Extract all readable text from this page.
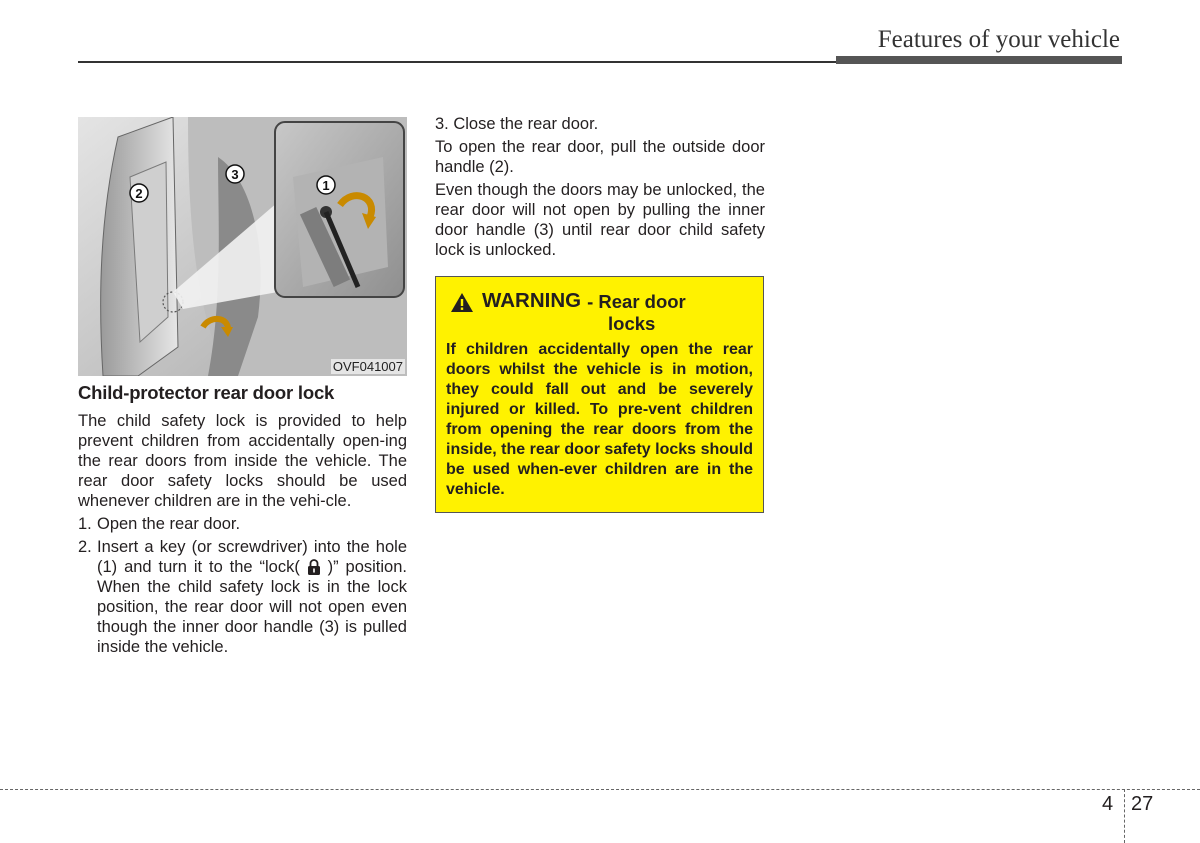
Features of your vehicle
1
2
3
OVF041007
Child-protector rear door lock

The child safety lock is provided to help prevent children from accidentally open-ing the rear doors from inside the vehicle. The rear door safety locks should be used whenever children are in the vehi-cle.

1. Open the rear door.
2. Insert a key (or screwdriver) into the hole (1) and turn it to the “lock( )” position. When the child safety lock is in the lock position, the rear door will not open even though the inner door handle (3) is pulled inside the vehicle.

3. Close the rear door.

To open the rear door, pull the outside door handle (2).

Even though the doors may be unlocked, the rear door will not open by pulling the inner door handle (3) until rear door child safety lock is unlocked.

WARNING - Rear door
locks
If children accidentally open the rear doors whilst the vehicle is in motion, they could fall out and be severely injured or killed. To pre-vent children from opening the rear doors from the inside, the rear door safety locks should be used when-ever children are in the vehicle.
4 27
